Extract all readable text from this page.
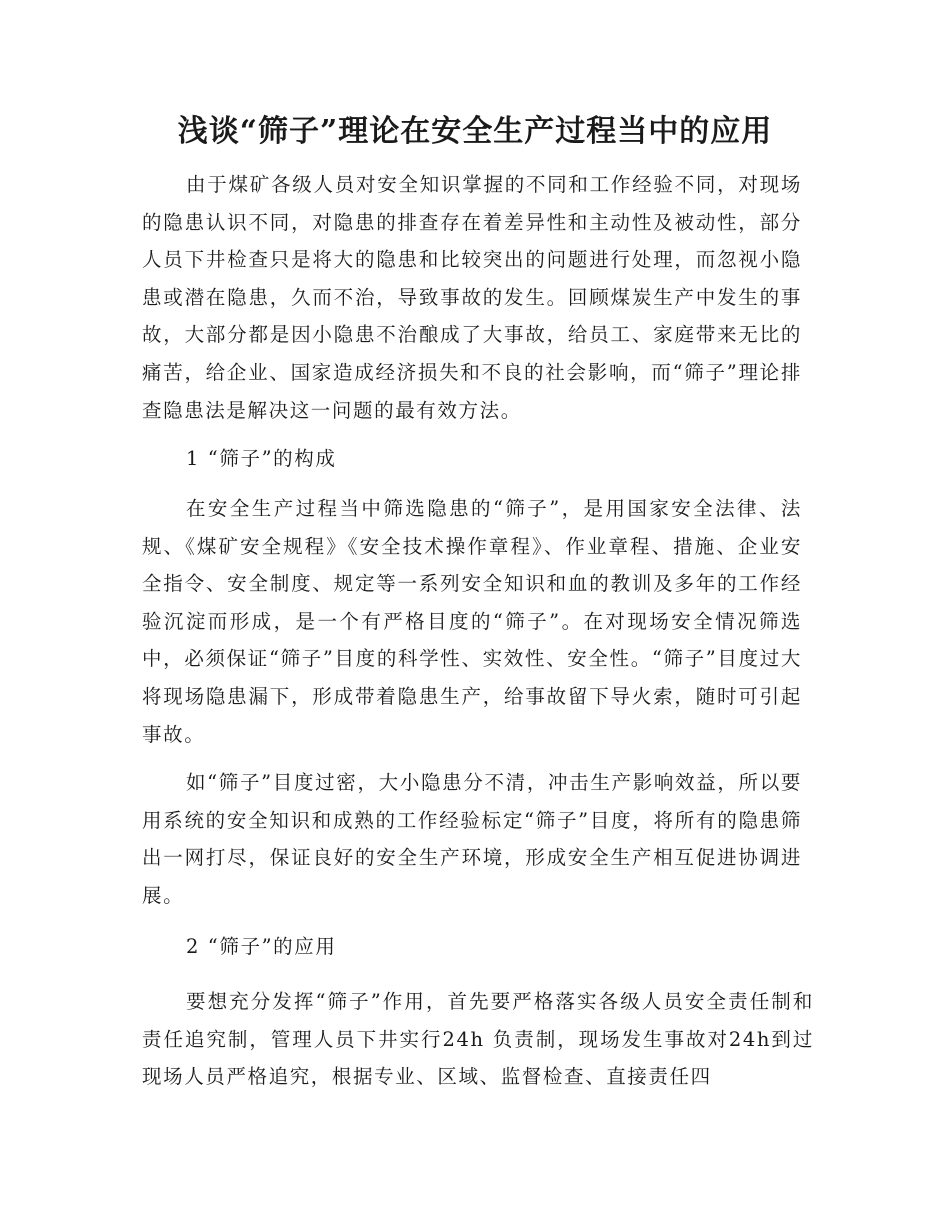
浅谈“筛子”理论在安全生产过程当中的应用

由于煤矿各级人员对安全知识掌握的不同和工作经验不同，对现场的隐患认识不同，对隐患的排查存在着差异性和主动性及被动性，部分人员下井检查只是将大的隐患和比较突出的问题进行处理，而忽视小隐患或潜在隐患，久而不治，导致事故的发生。回顾煤炭生产中发生的事故，大部分都是因小隐患不治酿成了大事故，给员工、家庭带来无比的痛苦，给企业、国家造成经济损失和不良的社会影响，而“筛子”理论排查隐患法是解决这一问题的最有效方法。

1 “筛子”的构成

在安全生产过程当中筛选隐患的“筛子”，是用国家安全法律、法规、《煤矿安全规程》《安全技术操作章程》、作业章程、措施、企业安全指令、安全制度、规定等一系列安全知识和血的教训及多年的工作经验沉淀而形成，是一个有严格目度的“筛子”。在对现场安全情况筛选中，必须保证“筛子”目度的科学性、实效性、安全性。“筛子”目度过大将现场隐患漏下，形成带着隐患生产，给事故留下导火索，随时可引起事故。

如“筛子”目度过密，大小隐患分不清，冲击生产影响效益，所以要用系统的安全知识和成熟的工作经验标定“筛子”目度，将所有的隐患筛出一网打尽，保证良好的安全生产环境，形成安全生产相互促进协调进展。

2 “筛子”的应用

要想充分发挥“筛子”作用，首先要严格落实各级人员安全责任制和责任追究制，管理人员下井实行24h 负责制，现场发生事故对24h到过现场人员严格追究，根据专业、区域、监督检查、直接责任四
